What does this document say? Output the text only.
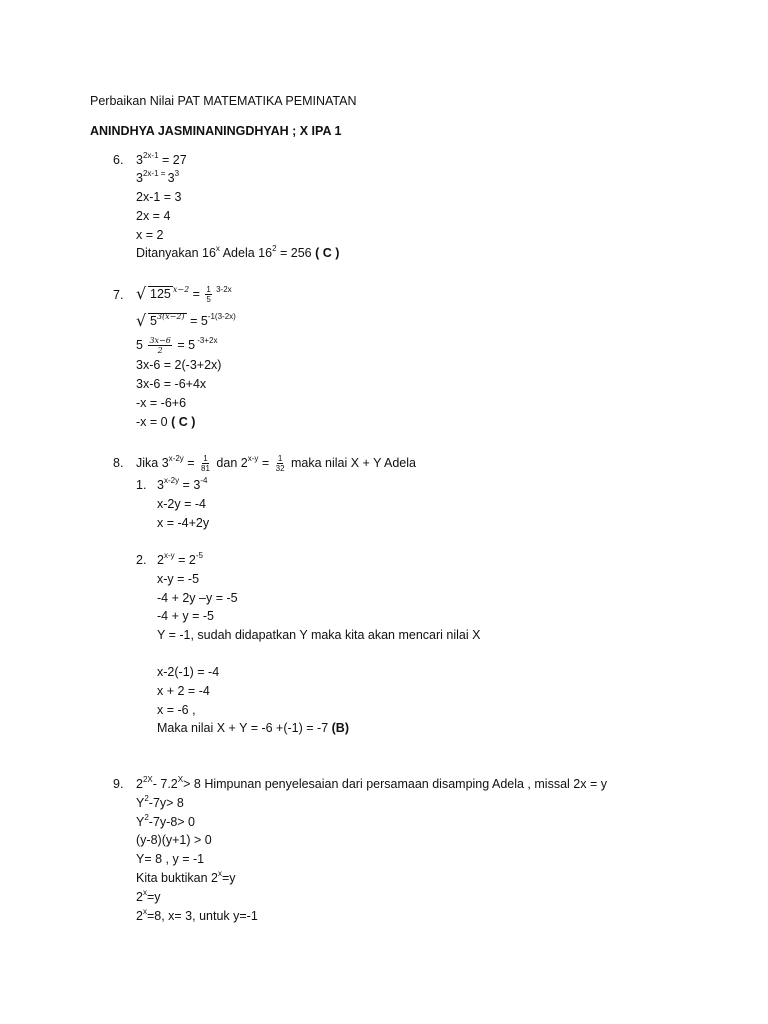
Perbaikan Nilai PAT MATEMATIKA PEMINATAN
ANINDHYA JASMINANINGDHYAH ; X IPA 1
6. $3^{2x-1} = 27$
$3^{2x-1 =}$ $3^3$
2x-1 = 3
2x = 4
x = 2
Ditanyakan 16$^x$ Adela $16^2 = 256$ ( C )
7. √ 125 $^{x-2} = \frac{1}{5} ^{3-2x}$
√ $5^{3(x-2)} = 5^{-1(3-2x)}$
$5 \frac{3x-6}{2} = 5$ $^{-3+2x}$
3x-6 = 2(-3+2x)
3x-6 = -6+4x
-x = -6+6
-x = 0 ( C )
8. Jika $3^{x-2y} = \frac{1}{81}$ dan $2^{x-y} = \frac{1}{32}$ maka nilai X + Y Adela
1. $3^{x-2y} = 3^{-4}$
x-2y = -4
x = -4+2y
2. $2^{x-y} = 2^{-5}$
x-y = -5
-4 + 2y –y = -5
-4 + y = -5
Y = -1, sudah didapatkan Y maka kita akan mencari nilai X
x-2(-1) = -4
x + 2 = -4
x = -6 ,
Maka nilai X + Y = -6 +(-1) = -7 (B)
9. $2^{2X}-$ $7.2^X> 8$ Himpunan penyelesaian dari persamaan disamping Adela , missal 2x = y
$Y^2-7y> 8$
$Y^2-7y-8> 0$
(y-8)(y+1) > 0
Y= 8 , y = -1
Kita buktikan $2^x=y$
$2^x=y$
$2^x=8$, x= 3, untuk y=-1
